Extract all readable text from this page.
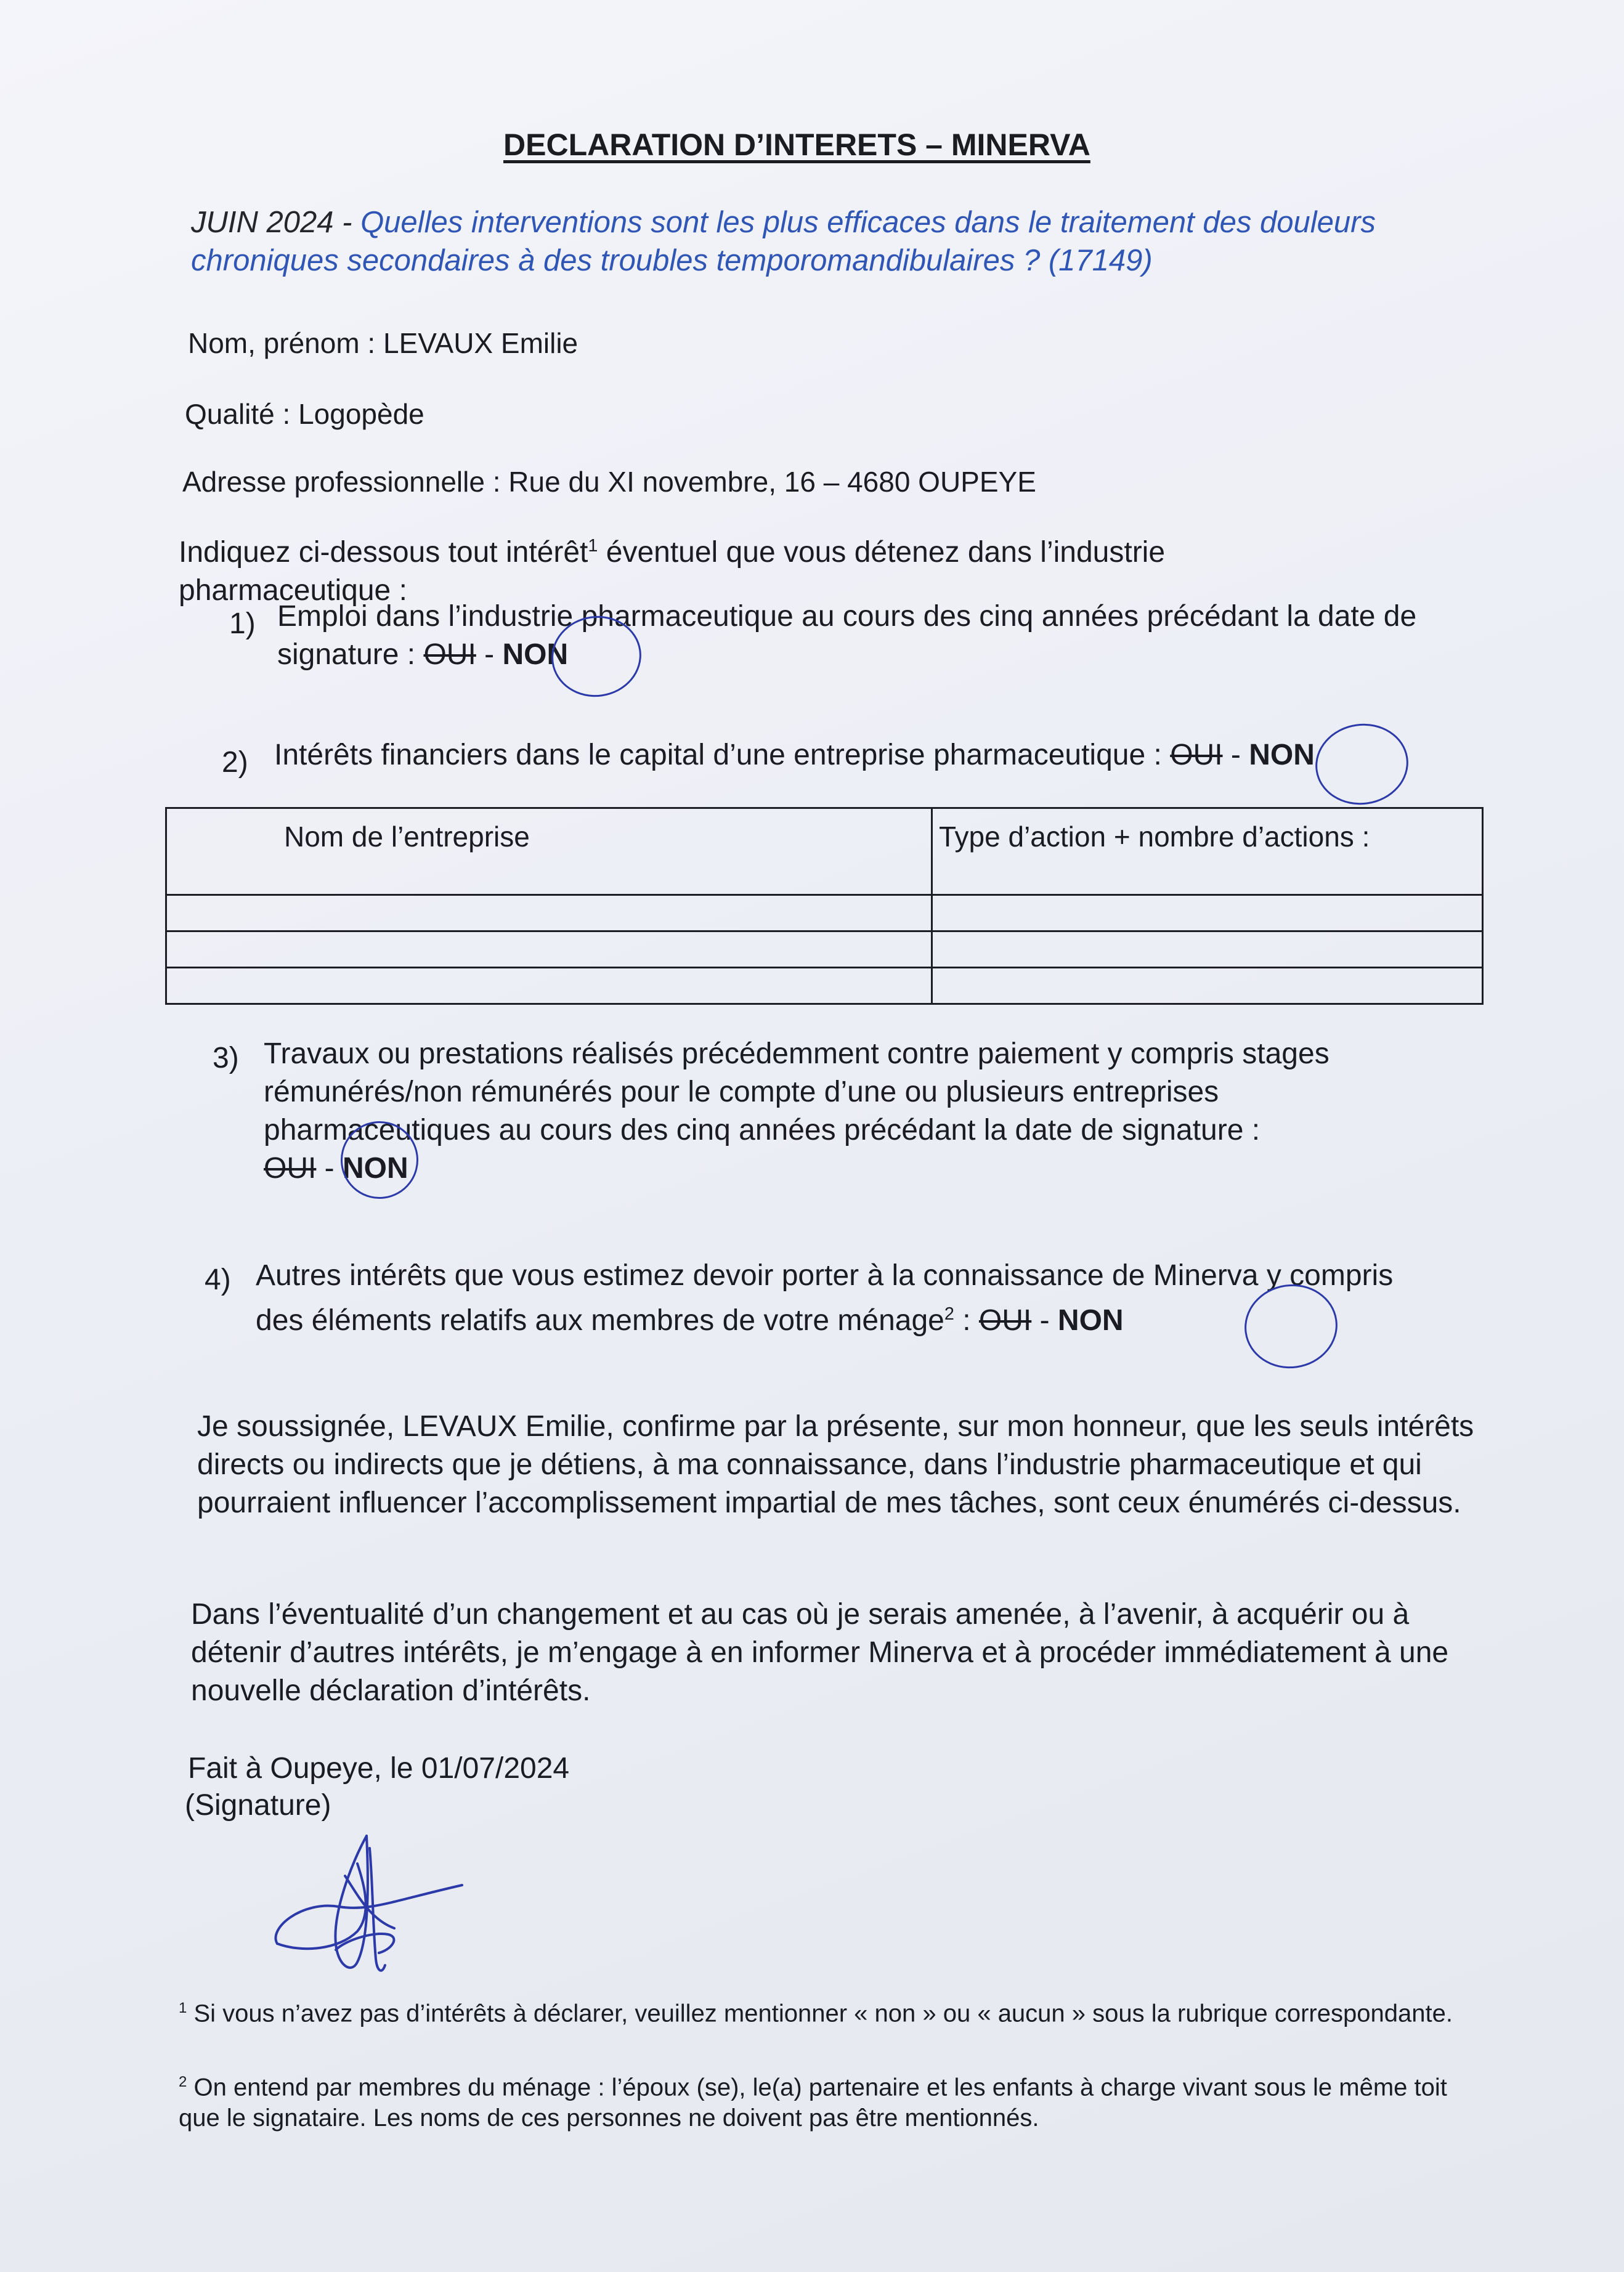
DECLARATION D’INTERETS – MINERVA
JUIN 2024 - Quelles interventions sont les plus efficaces dans le traitement des douleurs chroniques secondaires à des troubles temporomandibulaires ? (17149)
Nom, prénom : LEVAUX Emilie
Qualité : Logopède
Adresse professionnelle : Rue du XI novembre, 16 – 4680 OUPEYE
Indiquez ci-dessous tout intérêt$^1$ éventuel que vous détenez dans l’industrie pharmaceutique :
1) Emploi dans l’industrie pharmaceutique au cours des cinq années précédant la date de signature : OUI - NON
2) Intérêts financiers dans le capital d’une entreprise pharmaceutique : OUI - NON
Nom de l’entreprise	Type d’action + nombre d’actions :

3) Travaux ou prestations réalisés précédemment contre paiement y compris stages rémunérés/non rémunérés pour le compte d’une ou plusieurs entreprises pharmaceutiques au cours des cinq années précédant la date de signature :
OUI - NON
4) Autres intérêts que vous estimez devoir porter à la connaissance de Minerva y compris des éléments relatifs aux membres de votre ménage$^2$ : OUI - NON
Je soussignée, LEVAUX Emilie, confirme par la présente, sur mon honneur, que les seuls intérêts directs ou indirects que je détiens, à ma connaissance, dans l’industrie pharmaceutique et qui pourraient influencer l’accomplissement impartial de mes tâches, sont ceux énumérés ci-dessus.
Dans l’éventualité d’un changement et au cas où je serais amenée, à l’avenir, à acquérir ou à détenir d’autres intérêts, je m’engage à en informer Minerva et à procéder immédiatement à une nouvelle déclaration d’intérêts.
Fait à Oupeye, le 01/07/2024
(Signature)
$^1$ Si vous n’avez pas d’intérêts à déclarer, veuillez mentionner « non » ou « aucun » sous la rubrique correspondante.
$^2$ On entend par membres du ménage : l’époux (se), le(a) partenaire et les enfants à charge vivant sous le même toit que le signataire. Les noms de ces personnes ne doivent pas être mentionnés.
